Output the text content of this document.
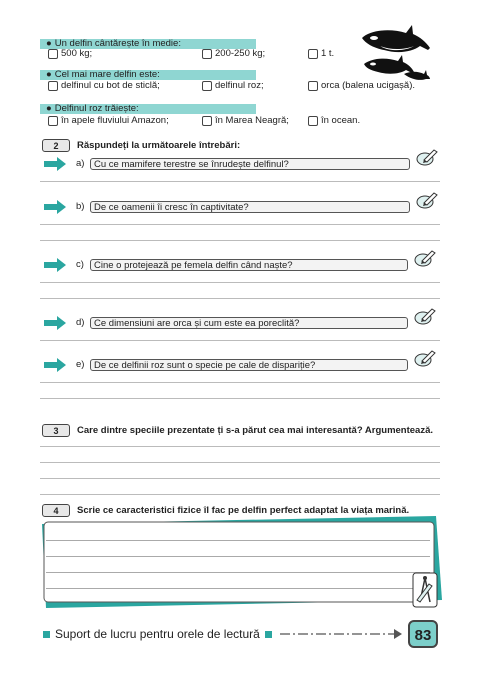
● Un delfin cântărește în medie:
500 kg;	200-250 kg;	1 t.
● Cel mai mare delfin este:
delfinul cu bot de sticlă;	delfinul roz;	orca (balena ucigașă).
● Delfinul roz trăiește:
în apele fluviului Amazon;	în Marea Neagră;	în ocean.
2	Răspundeți la următoarele întrebări:
a)	Cu ce mamifere terestre se înrudește delfinul?
b)	De ce oamenii îi cresc în captivitate?
c)	Cine o protejează pe femela delfin când naște?
d)	Ce dimensiuni are orca și cum este ea poreclită?
e)	De ce delfinii roz sunt o specie pe cale de dispariție?
3	Care dintre speciile prezentate ți s-a părut cea mai interesantă? Argumentează.
4	Scrie ce caracteristici fizice îl fac pe delfin perfect adaptat la viața marină.
Suport de lucru pentru orele de lectură	83
